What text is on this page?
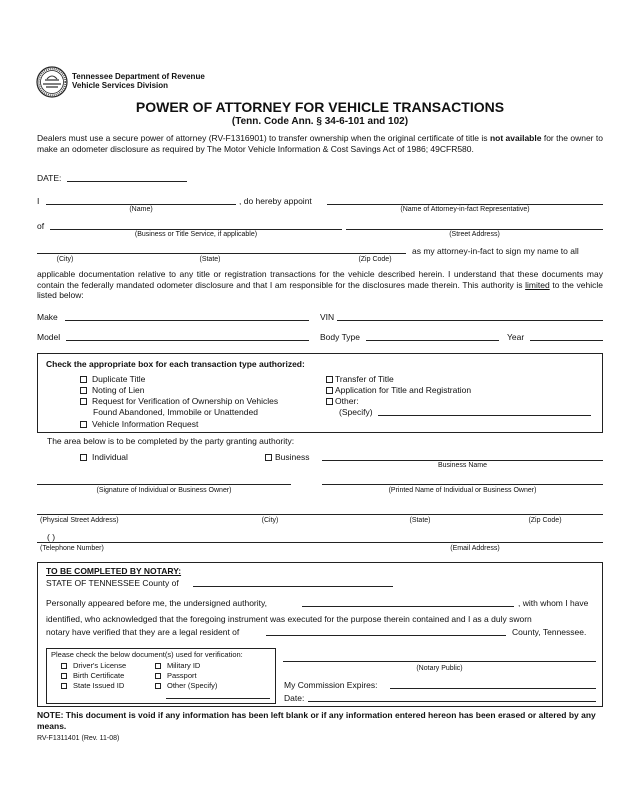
Tennessee Department of Revenue
Vehicle Services Division
POWER OF ATTORNEY FOR VEHICLE TRANSACTIONS
(Tenn. Code Ann. § 34-6-101 and 102)
Dealers must use a secure power of attorney (RV-F1316901) to transfer ownership when the original certificate of title is not available for the owner to make an odometer disclosure as required by The Motor Vehicle Information & Cost Savings Act of 1986; 49CFR580.
DATE:
I	, do hereby appoint
(Name)	(Name of Attorney-in-fact Representative)
of
(Business or Title Service, if applicable)	(Street Address)
as my attorney-in-fact to sign my name to all
(City)	(State)	(Zip Code)
applicable documentation relative to any title or registration transactions for the vehicle described herein. I understand that these documents may contain the federally mandated odometer disclosure and that I am responsible for the disclosures made therein. This authority is limited to the vehicle listed below:
Make	VIN
Model	Body Type	Year
Check the appropriate box for each transaction type authorized:
Duplicate Title
Noting of Lien
Request for Verification of Ownership on Vehicles
Found Abandoned, Immobile or Unattended
Vehicle Information Request
Transfer of Title
Application for Title and Registration
Other:
(Specify)
The area below is to be completed by the party granting authority:
Individual	Business
Business Name
(Signature of Individual or Business Owner)	(Printed Name of Individual or Business Owner)
(Physical Street Address)	(City)	(State)	(Zip Code)
( )
(Telephone Number)	(Email Address)
TO BE COMPLETED BY NOTARY:
STATE OF TENNESSEE County of
Personally appeared before me, the undersigned authority,	, with whom I have
identified, who acknowledged that the foregoing instrument was executed for the purpose therein contained and I as a duly sworn
notary have verified that they are a legal resident of	County, Tennessee.
Please check the below document(s) used for verification:
Driver's License
Birth Certificate
State Issued ID
Military ID
Passport
Other (Specify)
(Notary Public)
My Commission Expires:
Date:
NOTE: This document is void if any information has been left blank or if any information entered hereon has been erased or altered by any means.
RV-F1311401 (Rev. 11-08)
